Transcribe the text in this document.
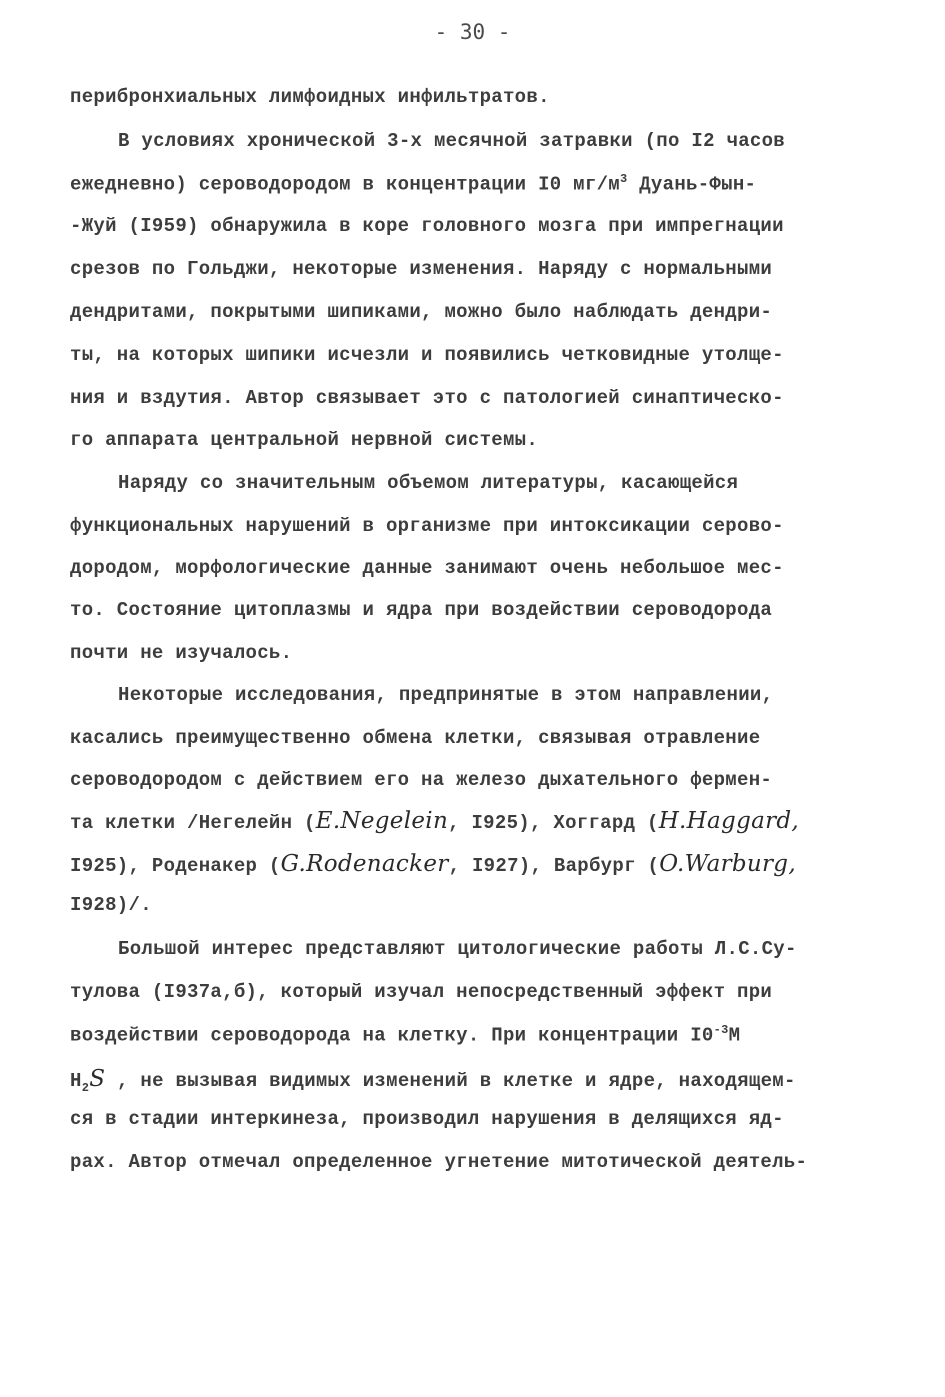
- 30 -
перибронхиальных лимфоидных инфильтратов.
В условиях хронической 3-х месячной затравки (по I2 часов
ежедневно) сероводородом в концентрации I0 $мг/м^3$ Дуань-Фын-
-Жуй (I959) обнаружила в коре головного мозга при импрегнации
срезов по Гольджи, некоторые изменения. Наряду с нормальными
дендритами, покрытыми шипиками, можно было наблюдать дендри-
ты, на которых шипики исчезли и появились четковидные утолще-
ния и вздутия. Автор связывает это с патологией синаптическо-
го аппарата центральной нервной системы.
Наряду со значительным объемом литературы, касающейся
функциональных нарушений в организме при интоксикации серово-
дородом, морфологические данные занимают очень небольшое мес-
то. Состояние цитоплазмы и ядра при воздействии сероводорода
почти не изучалось.
Некоторые исследования, предпринятые в этом направлении,
касались преимущественно обмена клетки, связывая отравление
сероводородом с действием его на железо дыхательного фермен-
та клетки /Негелейн (E.Negelein, I925), Хоггард (H.Haggard,
I925), Роденакер (G.Rodenacker, I927), Варбург (O.Warburg,
I928)/.
Большой интерес представляют цитологические работы Л.С.Су-
тулова (I937а,б), который изучал непосредственный эффект при
воздействии сероводорода на клетку. При концентрации $I0^{-3}М$
$Н_2S$ , не вызывая видимых изменений в клетке и ядре, находящем-
ся в стадии интеркинеза, производил нарушения в делящихся яд-
рах. Автор отмечал определенное угнетение митотической деятель-
